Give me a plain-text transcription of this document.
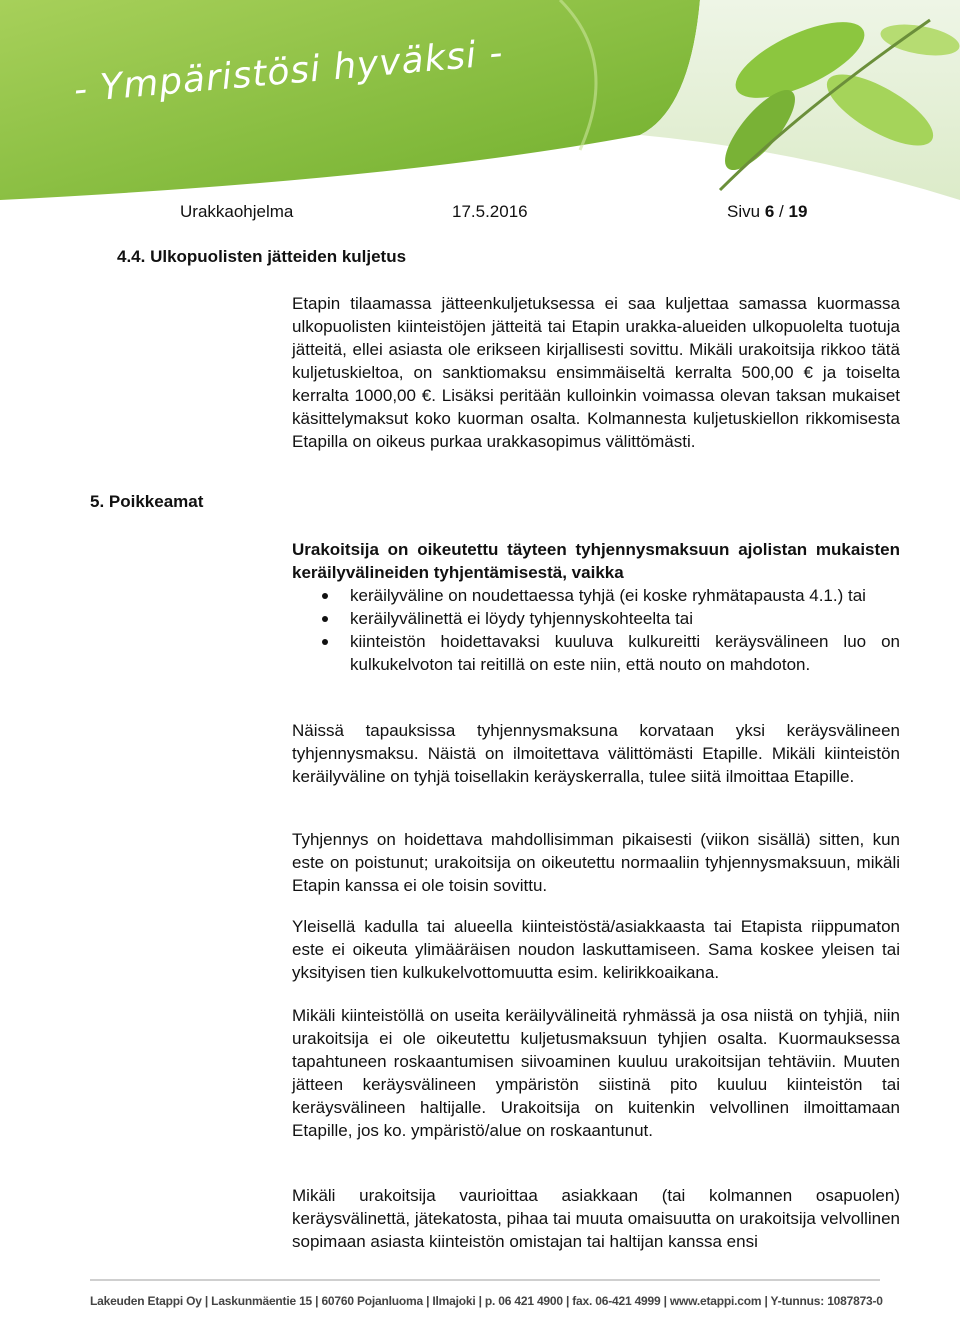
- Ympäristösi hyväksi -
Urakkaohjelma	17.5.2016	Sivu 6 / 19
4.4. Ulkopuolisten jätteiden kuljetus

Etapin tilaamassa jätteenkuljetuksessa ei saa kuljettaa samassa kuormassa ulkopuolisten kiinteistöjen jätteitä tai Etapin urakka-alueiden ulkopuolelta tuotuja jätteitä, ellei asiasta ole erikseen kirjallisesti sovittu. Mikäli urakoitsija rikkoo tätä kuljetuskieltoa, on sanktiomaksu ensimmäiseltä kerralta 500,00 € ja toiselta kerralta 1000,00 €. Lisäksi peritään kulloinkin voimassa olevan taksan mukaiset käsittelymaksut koko kuorman osalta. Kolmannesta kuljetuskiellon rikkomisesta Etapilla on oikeus purkaa urakkasopimus välittömästi.

5. Poikkeamat

Urakoitsija on oikeutettu täyteen tyhjennysmaksuun ajolistan mukaisten keräilyvälineiden tyhjentämisestä, vaikka

keräilyväline on noudettaessa tyhjä (ei koske ryhmätapausta 4.1.) tai
keräilyvälinettä ei löydy tyhjennyskohteelta tai
kiinteistön hoidettavaksi kuuluva kulkureitti keräysvälineen luo on kulkukelvoton tai reitillä on este niin, että nouto on mahdoton.

Näissä tapauksissa tyhjennysmaksuna korvataan yksi keräysvälineen tyhjennysmaksu. Näistä on ilmoitettava välittömästi Etapille. Mikäli kiinteistön keräilyväline on tyhjä toisellakin keräyskerralla, tulee siitä ilmoittaa Etapille.

Tyhjennys on hoidettava mahdollisimman pikaisesti (viikon sisällä) sitten, kun este on poistunut; urakoitsija on oikeutettu normaaliin tyhjennysmaksuun, mikäli Etapin kanssa ei ole toisin sovittu.

Yleisellä kadulla tai alueella kiinteistöstä/asiakkaasta tai Etapista riippumaton este ei oikeuta ylimääräisen noudon laskuttamiseen. Sama koskee yleisen tai yksityisen tien kulkukelvottomuutta esim. kelirikkoaikana.

Mikäli kiinteistöllä on useita keräilyvälineitä ryhmässä ja osa niistä on tyhjiä, niin urakoitsija ei ole oikeutettu kuljetusmaksuun tyhjien osalta. Kuormauksessa tapahtuneen roskaantumisen siivoaminen kuuluu urakoitsijan tehtäviin. Muuten jätteen keräysvälineen ympäristön siistinä pito kuuluu kiinteistön tai keräysvälineen haltijalle. Urakoitsija on kuitenkin velvollinen ilmoittamaan Etapille, jos ko. ympäristö/alue on roskaantunut.

Mikäli urakoitsija vaurioittaa asiakkaan (tai kolmannen osapuolen) keräysvälinettä, jätekatosta, pihaa tai muuta omaisuutta on urakoitsija velvollinen sopimaan asiasta kiinteistön omistajan tai haltijan kanssa ensi

Lakeuden Etappi Oy | Laskunmäentie 15 | 60760 Pojanluoma | Ilmajoki | p. 06 421 4900 | fax. 06-421 4999 | www.etappi.com | Y-tunnus: 1087873-0
